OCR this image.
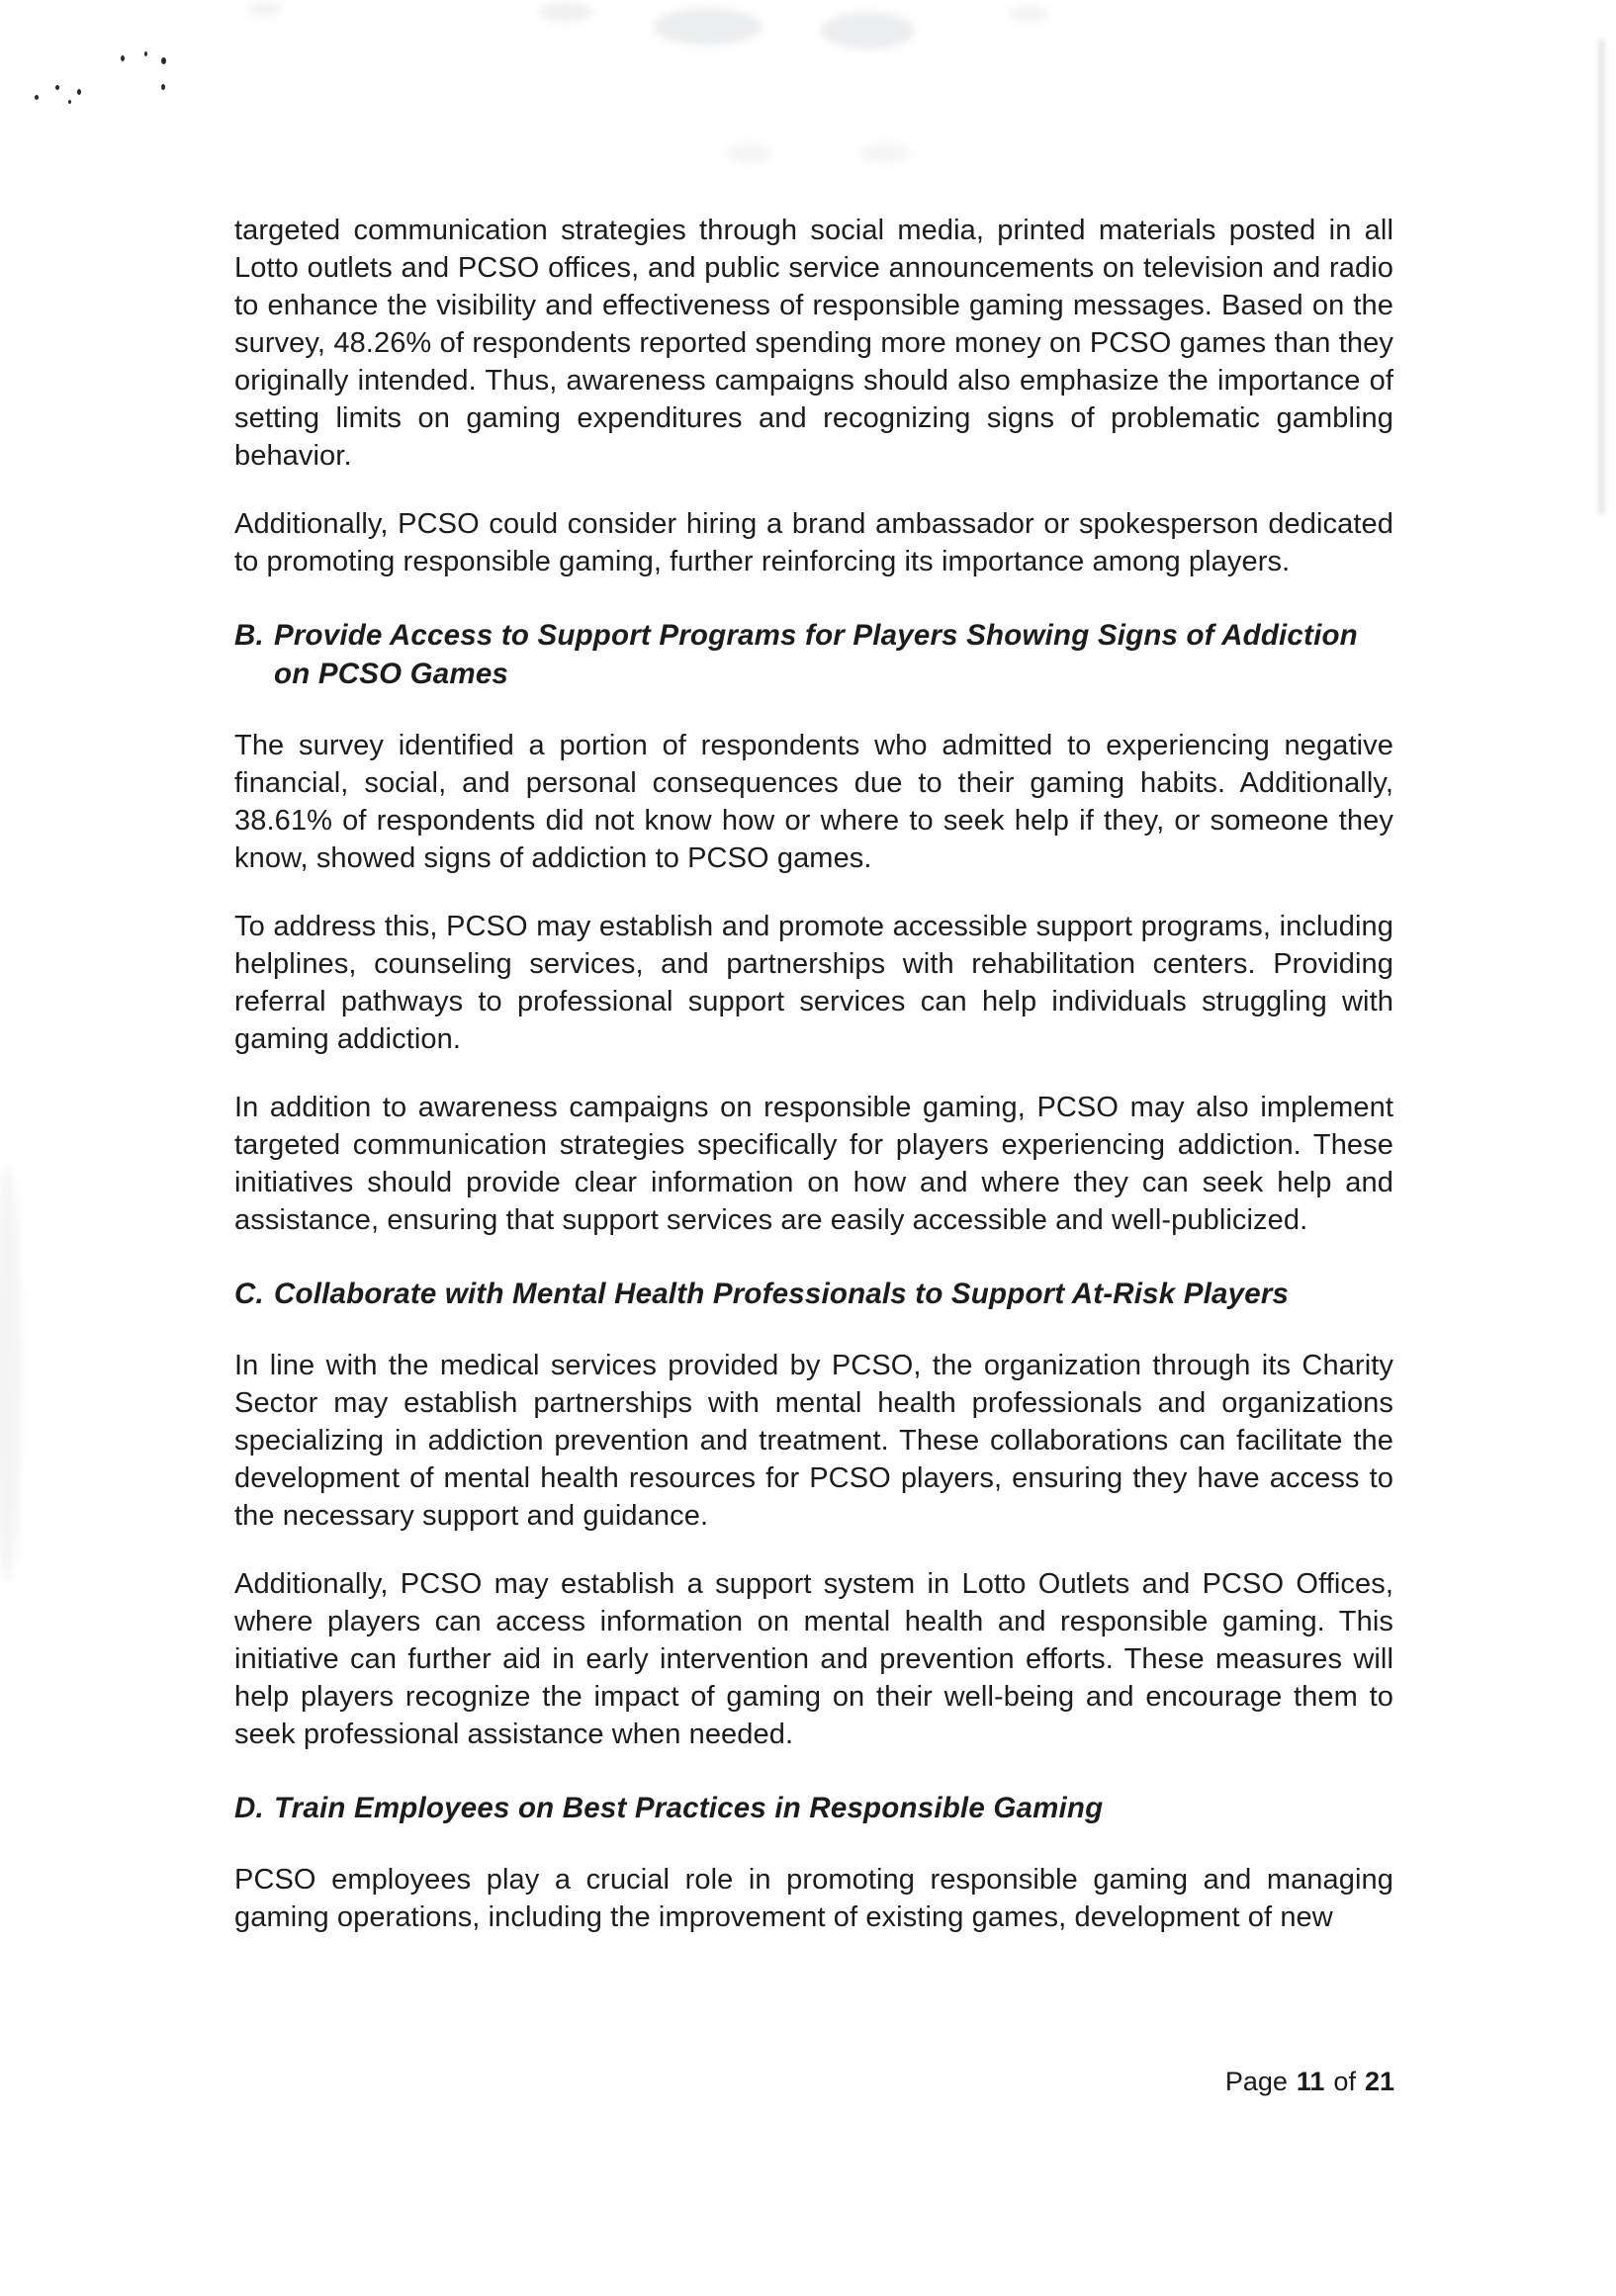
targeted communication strategies through social media, printed materials posted in all Lotto outlets and PCSO offices, and public service announcements on television and radio to enhance the visibility and effectiveness of responsible gaming messages. Based on the survey, 48.26% of respondents reported spending more money on PCSO games than they originally intended. Thus, awareness campaigns should also emphasize the importance of setting limits on gaming expenditures and recognizing signs of problematic gambling behavior.

Additionally, PCSO could consider hiring a brand ambassador or spokesperson dedicated to promoting responsible gaming, further reinforcing its importance among players.

B. Provide Access to Support Programs for Players Showing Signs of Addiction on PCSO Games

The survey identified a portion of respondents who admitted to experiencing negative financial, social, and personal consequences due to their gaming habits. Additionally, 38.61% of respondents did not know how or where to seek help if they, or someone they know, showed signs of addiction to PCSO games.

To address this, PCSO may establish and promote accessible support programs, including helplines, counseling services, and partnerships with rehabilitation centers. Providing referral pathways to professional support services can help individuals struggling with gaming addiction.

In addition to awareness campaigns on responsible gaming, PCSO may also implement targeted communication strategies specifically for players experiencing addiction. These initiatives should provide clear information on how and where they can seek help and assistance, ensuring that support services are easily accessible and well-publicized.

C. Collaborate with Mental Health Professionals to Support At-Risk Players

In line with the medical services provided by PCSO, the organization through its Charity Sector may establish partnerships with mental health professionals and organizations specializing in addiction prevention and treatment. These collaborations can facilitate the development of mental health resources for PCSO players, ensuring they have access to the necessary support and guidance.

Additionally, PCSO may establish a support system in Lotto Outlets and PCSO Offices, where players can access information on mental health and responsible gaming. This initiative can further aid in early intervention and prevention efforts. These measures will help players recognize the impact of gaming on their well-being and encourage them to seek professional assistance when needed.

D. Train Employees on Best Practices in Responsible Gaming

PCSO employees play a crucial role in promoting responsible gaming and managing gaming operations, including the improvement of existing games, development of new

Page 11 of 21
